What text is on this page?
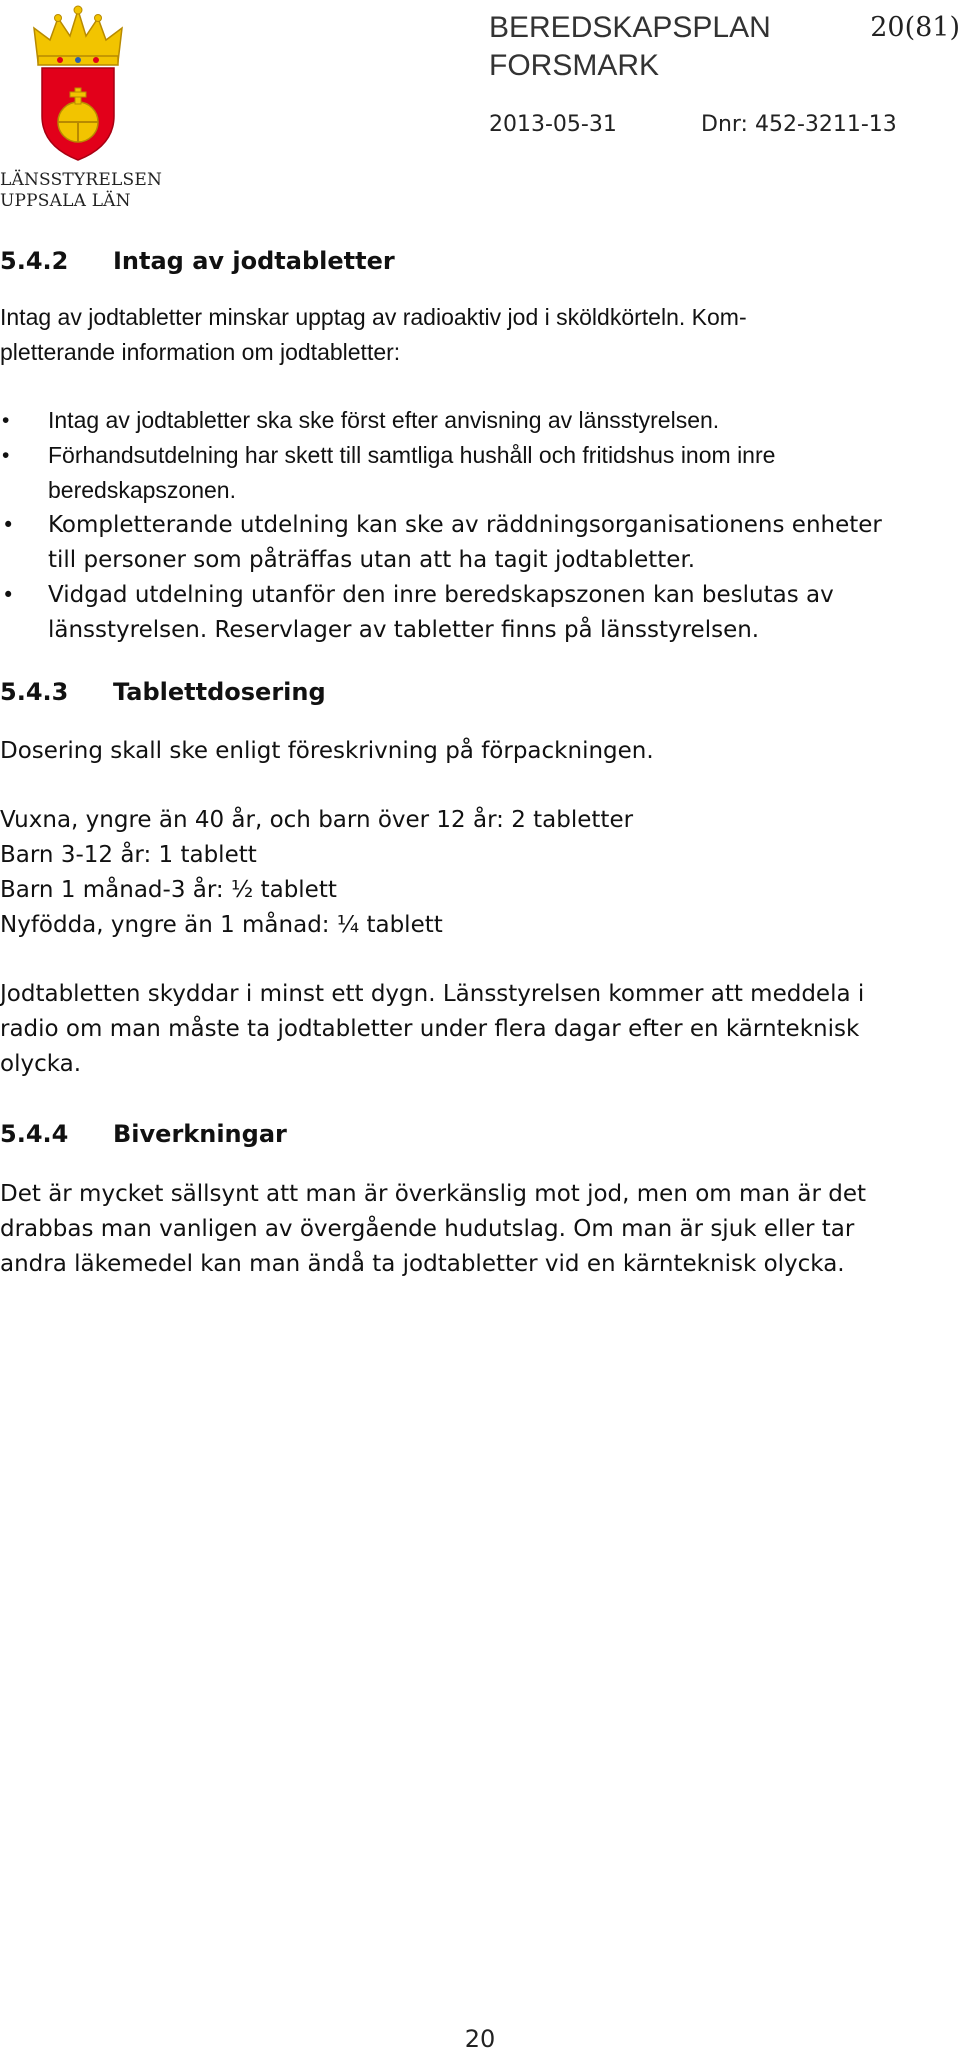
LÄNSSTYRELSEN
UPPSALA LÄN
BEREDSKAPSPLAN
FORSMARK
20(81)
2013-05-31	Dnr: 452-3211-13
5.4.2 Intag av jodtabletter

Intag av jodtabletter minskar upptag av radioaktiv jod i sköldkörteln. Kom-
pletterande information om jodtabletter:

• Intag av jodtabletter ska ske först efter anvisning av länsstyrelsen.
• Förhandsutdelning har skett till samtliga hushåll och fritidshus inom inre
beredskapszonen.
• Kompletterande utdelning kan ske av räddningsorganisationens enheter
till personer som påträffas utan att ha tagit jodtabletter.
• Vidgad utdelning utanför den inre beredskapszonen kan beslutas av
länsstyrelsen. Reservlager av tabletter finns på länsstyrelsen.
5.4.3 Tablettdosering

Dosering skall ske enligt föreskrivning på förpackningen.

Vuxna, yngre än 40 år, och barn över 12 år: 2 tabletter
Barn 3-12 år: 1 tablett
Barn 1 månad-3 år: ½ tablett
Nyfödda, yngre än 1 månad: ¼ tablett

Jodtabletten skyddar i minst ett dygn. Länsstyrelsen kommer att meddela i
radio om man måste ta jodtabletter under flera dagar efter en kärnteknisk
olycka.

5.4.4 Biverkningar

Det är mycket sällsynt att man är överkänslig mot jod, men om man är det
drabbas man vanligen av övergående hudutslag. Om man är sjuk eller tar
andra läkemedel kan man ändå ta jodtabletter vid en kärnteknisk olycka.

20
